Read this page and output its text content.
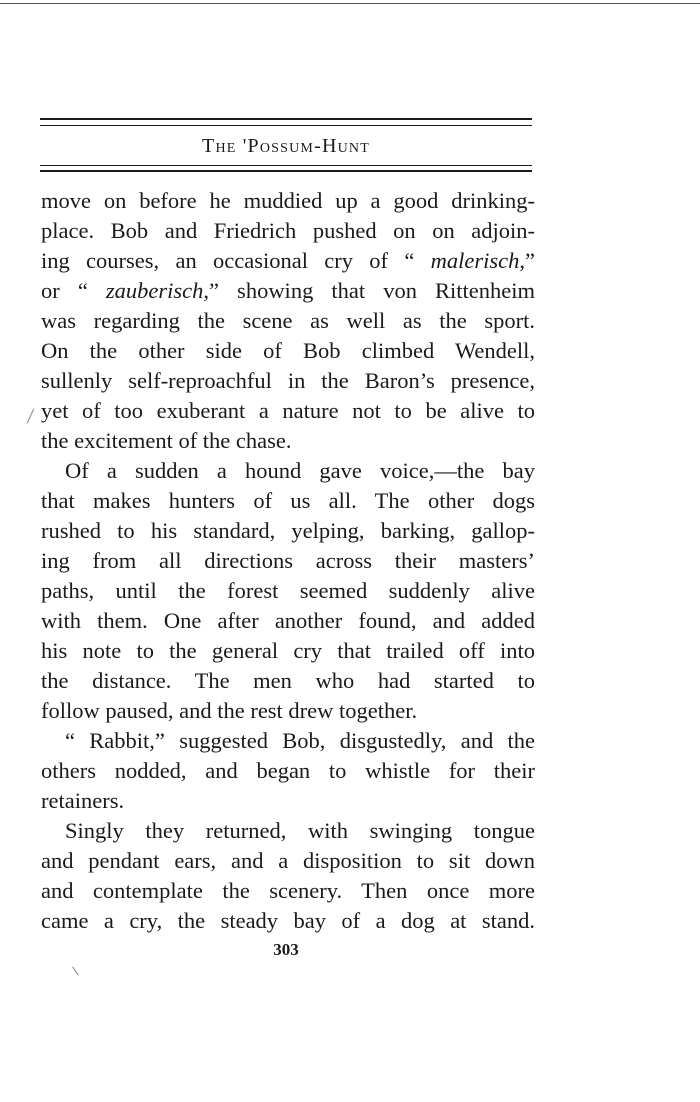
The 'Possum-Hunt
move on before he muddied up a good drinking-
place. Bob and Friedrich pushed on on adjoin-
ing courses, an occasional cry of “ malerisch,”
or “ zauberisch,” showing that von Rittenheim
was regarding the scene as well as the sport.
On the other side of Bob climbed Wendell,
sullenly self-reproachful in the Baron’s presence,
yet of too exuberant a nature not to be alive to
the excitement of the chase.
Of a sudden a hound gave voice,—the bay
that makes hunters of us all. The other dogs
rushed to his standard, yelping, barking, gallop-
ing from all directions across their masters’
paths, until the forest seemed suddenly alive
with them. One after another found, and added
his note to the general cry that trailed off into
the distance. The men who had started to
follow paused, and the rest drew together.
“ Rabbit,” suggested Bob, disgustedly, and the
others nodded, and began to whistle for their
retainers.
Singly they returned, with swinging tongue
and pendant ears, and a disposition to sit down
and contemplate the scenery. Then once more
came a cry, the steady bay of a dog at stand.
303
